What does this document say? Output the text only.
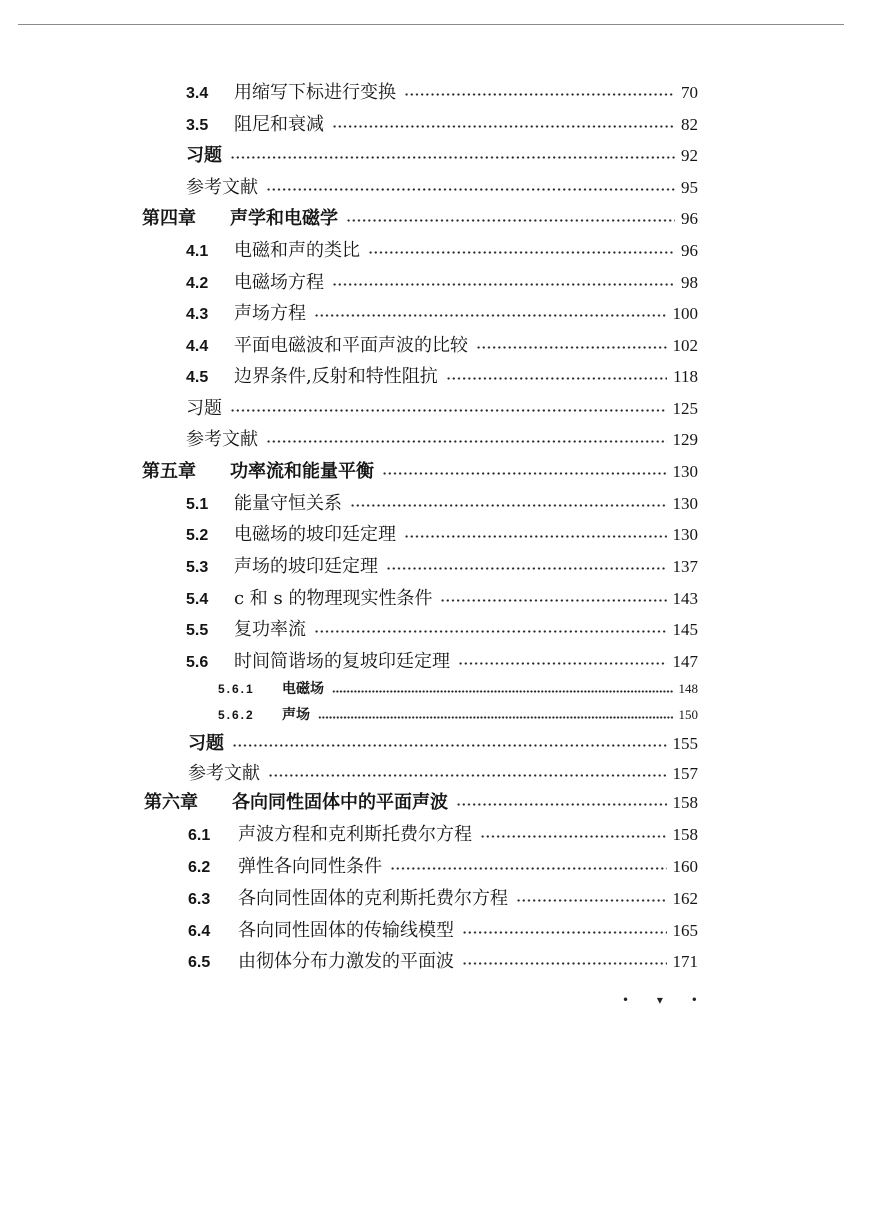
3.4	用缩写下标进行变换	70
3.5	阻尼和衰减	82
习题	92
参考文献	95
第四章	声学和电磁学	96
4.1	电磁和声的类比	96
4.2	电磁场方程	98
4.3	声场方程	100
4.4	平面电磁波和平面声波的比较	102
4.5	边界条件,反射和特性阻抗	118
习题	125
参考文献	129
第五章	功率流和能量平衡	130
5.1	能量守恒关系	130
5.2	电磁场的坡印廷定理	130
5.3	声场的坡印廷定理	137
5.4	c 和 s 的物理现实性条件	143
5.5	复功率流	145
5.6	时间简谐场的复坡印廷定理	147
5.6.1	电磁场	148
5.6.2	声场	150
习题	155
参考文献	157
第六章	各向同性固体中的平面声波	158
6.1	声波方程和克利斯托费尔方程	158
6.2	弹性各向同性条件	160
6.3	各向同性固体的克利斯托费尔方程	162
6.4	各向同性固体的传输线模型	165
6.5	由彻体分布力激发的平面波	171
• ▾ •
